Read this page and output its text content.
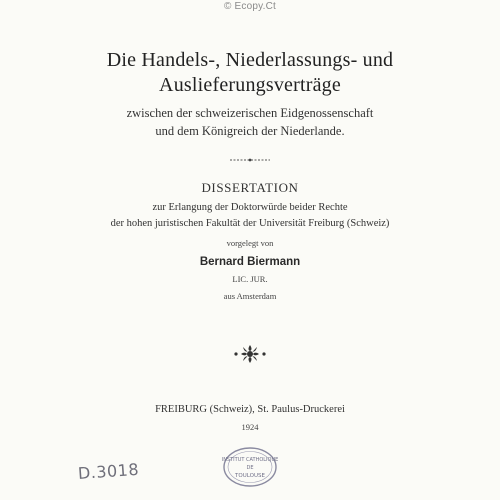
© Ecopy.Ct
Die Handels-, Niederlassungs- und
Auslieferungsverträge
zwischen der schweizerischen Eidgenossenschaft
und dem Königreich der Niederlande.
DISSERTATION
zur Erlangung der Doktorwürde beider Rechte
der hohen juristischen Fakultät der Universität Freiburg (Schweiz)
vorgelegt von
Bernard Biermann
LIC. JUR.
aus Amsterdam
FREIBURG (Schweiz), St. Paulus-Druckerei
1924
D.3018	INSTITUT CATHOLIQUE
DE
TOULOUSE
